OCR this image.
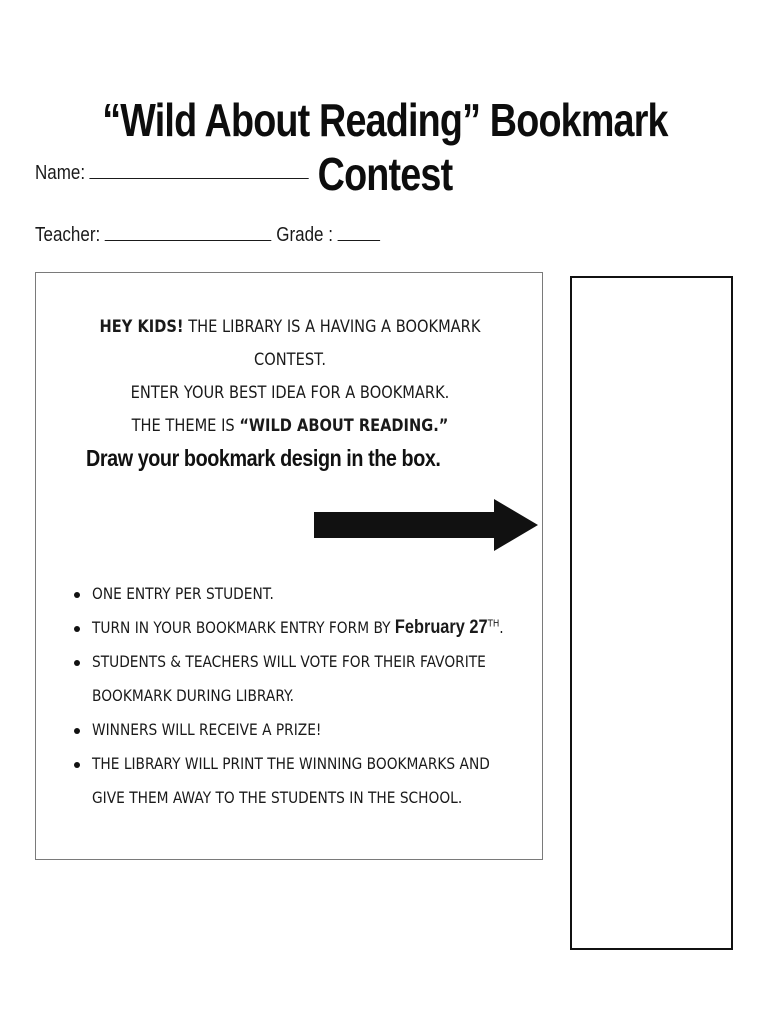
“Wild About Reading” Bookmark Contest
Name:
Teacher:	Grade :
HEY KIDS! THE LIBRARY IS A HAVING A BOOKMARK CONTEST.
ENTER YOUR BEST IDEA FOR A BOOKMARK.
THE THEME IS “WILD ABOUT READING.”
Draw your bookmark design in the box.
ONE ENTRY PER STUDENT.
TURN IN YOUR BOOKMARK ENTRY FORM BY February 27TH.
STUDENTS & TEACHERS WILL VOTE FOR THEIR FAVORITE BOOKMARK DURING LIBRARY.
WINNERS WILL RECEIVE A PRIZE!
THE LIBRARY WILL PRINT THE WINNING BOOKMARKS AND GIVE THEM AWAY TO THE STUDENTS IN THE SCHOOL.
